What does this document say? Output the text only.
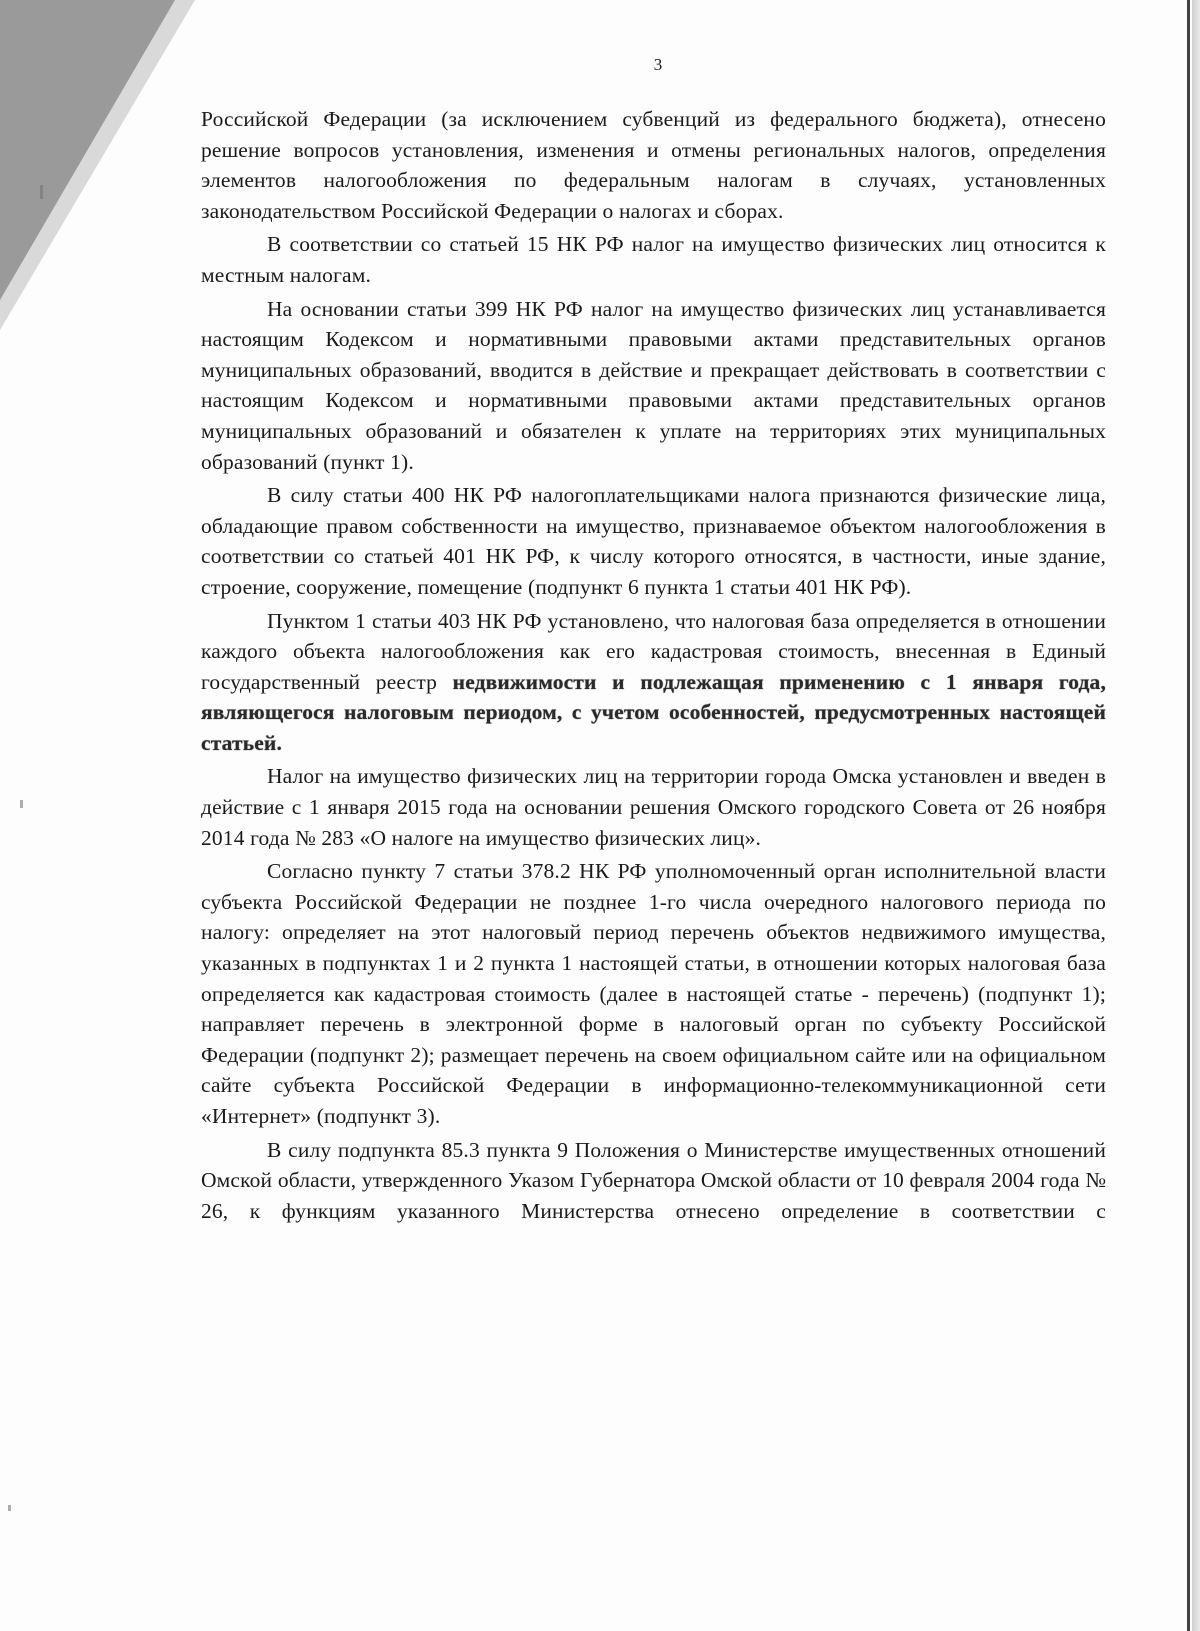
3

Российской Федерации (за исключением субвенций из федерального бюджета), отнесено решение вопросов установления, изменения и отмены региональных налогов, определения элементов налогообложения по федеральным налогам в случаях, установленных законодательством Российской Федерации о налогах и сборах.

В соответствии со статьей 15 НК РФ налог на имущество физических лиц относится к местным налогам.

На основании статьи 399 НК РФ налог на имущество физических лиц устанавливается настоящим Кодексом и нормативными правовыми актами представительных органов муниципальных образований, вводится в действие и прекращает действовать в соответствии с настоящим Кодексом и нормативными правовыми актами представительных органов муниципальных образований и обязателен к уплате на территориях этих муниципальных образований (пункт 1).

В силу статьи 400 НК РФ налогоплательщиками налога признаются физические лица, обладающие правом собственности на имущество, признаваемое объектом налогообложения в соответствии со статьей 401 НК РФ, к числу которого относятся, в частности, иные здание, строение, сооружение, помещение (подпункт 6 пункта 1 статьи 401 НК РФ).

Пунктом 1 статьи 403 НК РФ установлено, что налоговая база определяется в отношении каждого объекта налогообложения как его кадастровая стоимость, внесенная в Единый государственный реестр недвижимости и подлежащая применению с 1 января года, являющегося налоговым периодом, с учетом особенностей, предусмотренных настоящей статьей.

Налог на имущество физических лиц на территории города Омска установлен и введен в действие с 1 января 2015 года на основании решения Омского городского Совета от 26 ноября 2014 года № 283 «О налоге на имущество физических лиц».

Согласно пункту 7 статьи 378.2 НК РФ уполномоченный орган исполнительной власти субъекта Российской Федерации не позднее 1-го числа очередного налогового периода по налогу: определяет на этот налоговый период перечень объектов недвижимого имущества, указанных в подпунктах 1 и 2 пункта 1 настоящей статьи, в отношении которых налоговая база определяется как кадастровая стоимость (далее в настоящей статье - перечень) (подпункт 1); направляет перечень в электронной форме в налоговый орган по субъекту Российской Федерации (подпункт 2); размещает перечень на своем официальном сайте или на официальном сайте субъекта Российской Федерации в информационно-телекоммуникационной сети «Интернет» (подпункт 3).

В силу подпункта 85.3 пункта 9 Положения о Министерстве имущественных отношений Омской области, утвержденного Указом Губернатора Омской области от 10 февраля 2004 года № 26, к функциям указанного Министерства отнесено определение в соответствии с
